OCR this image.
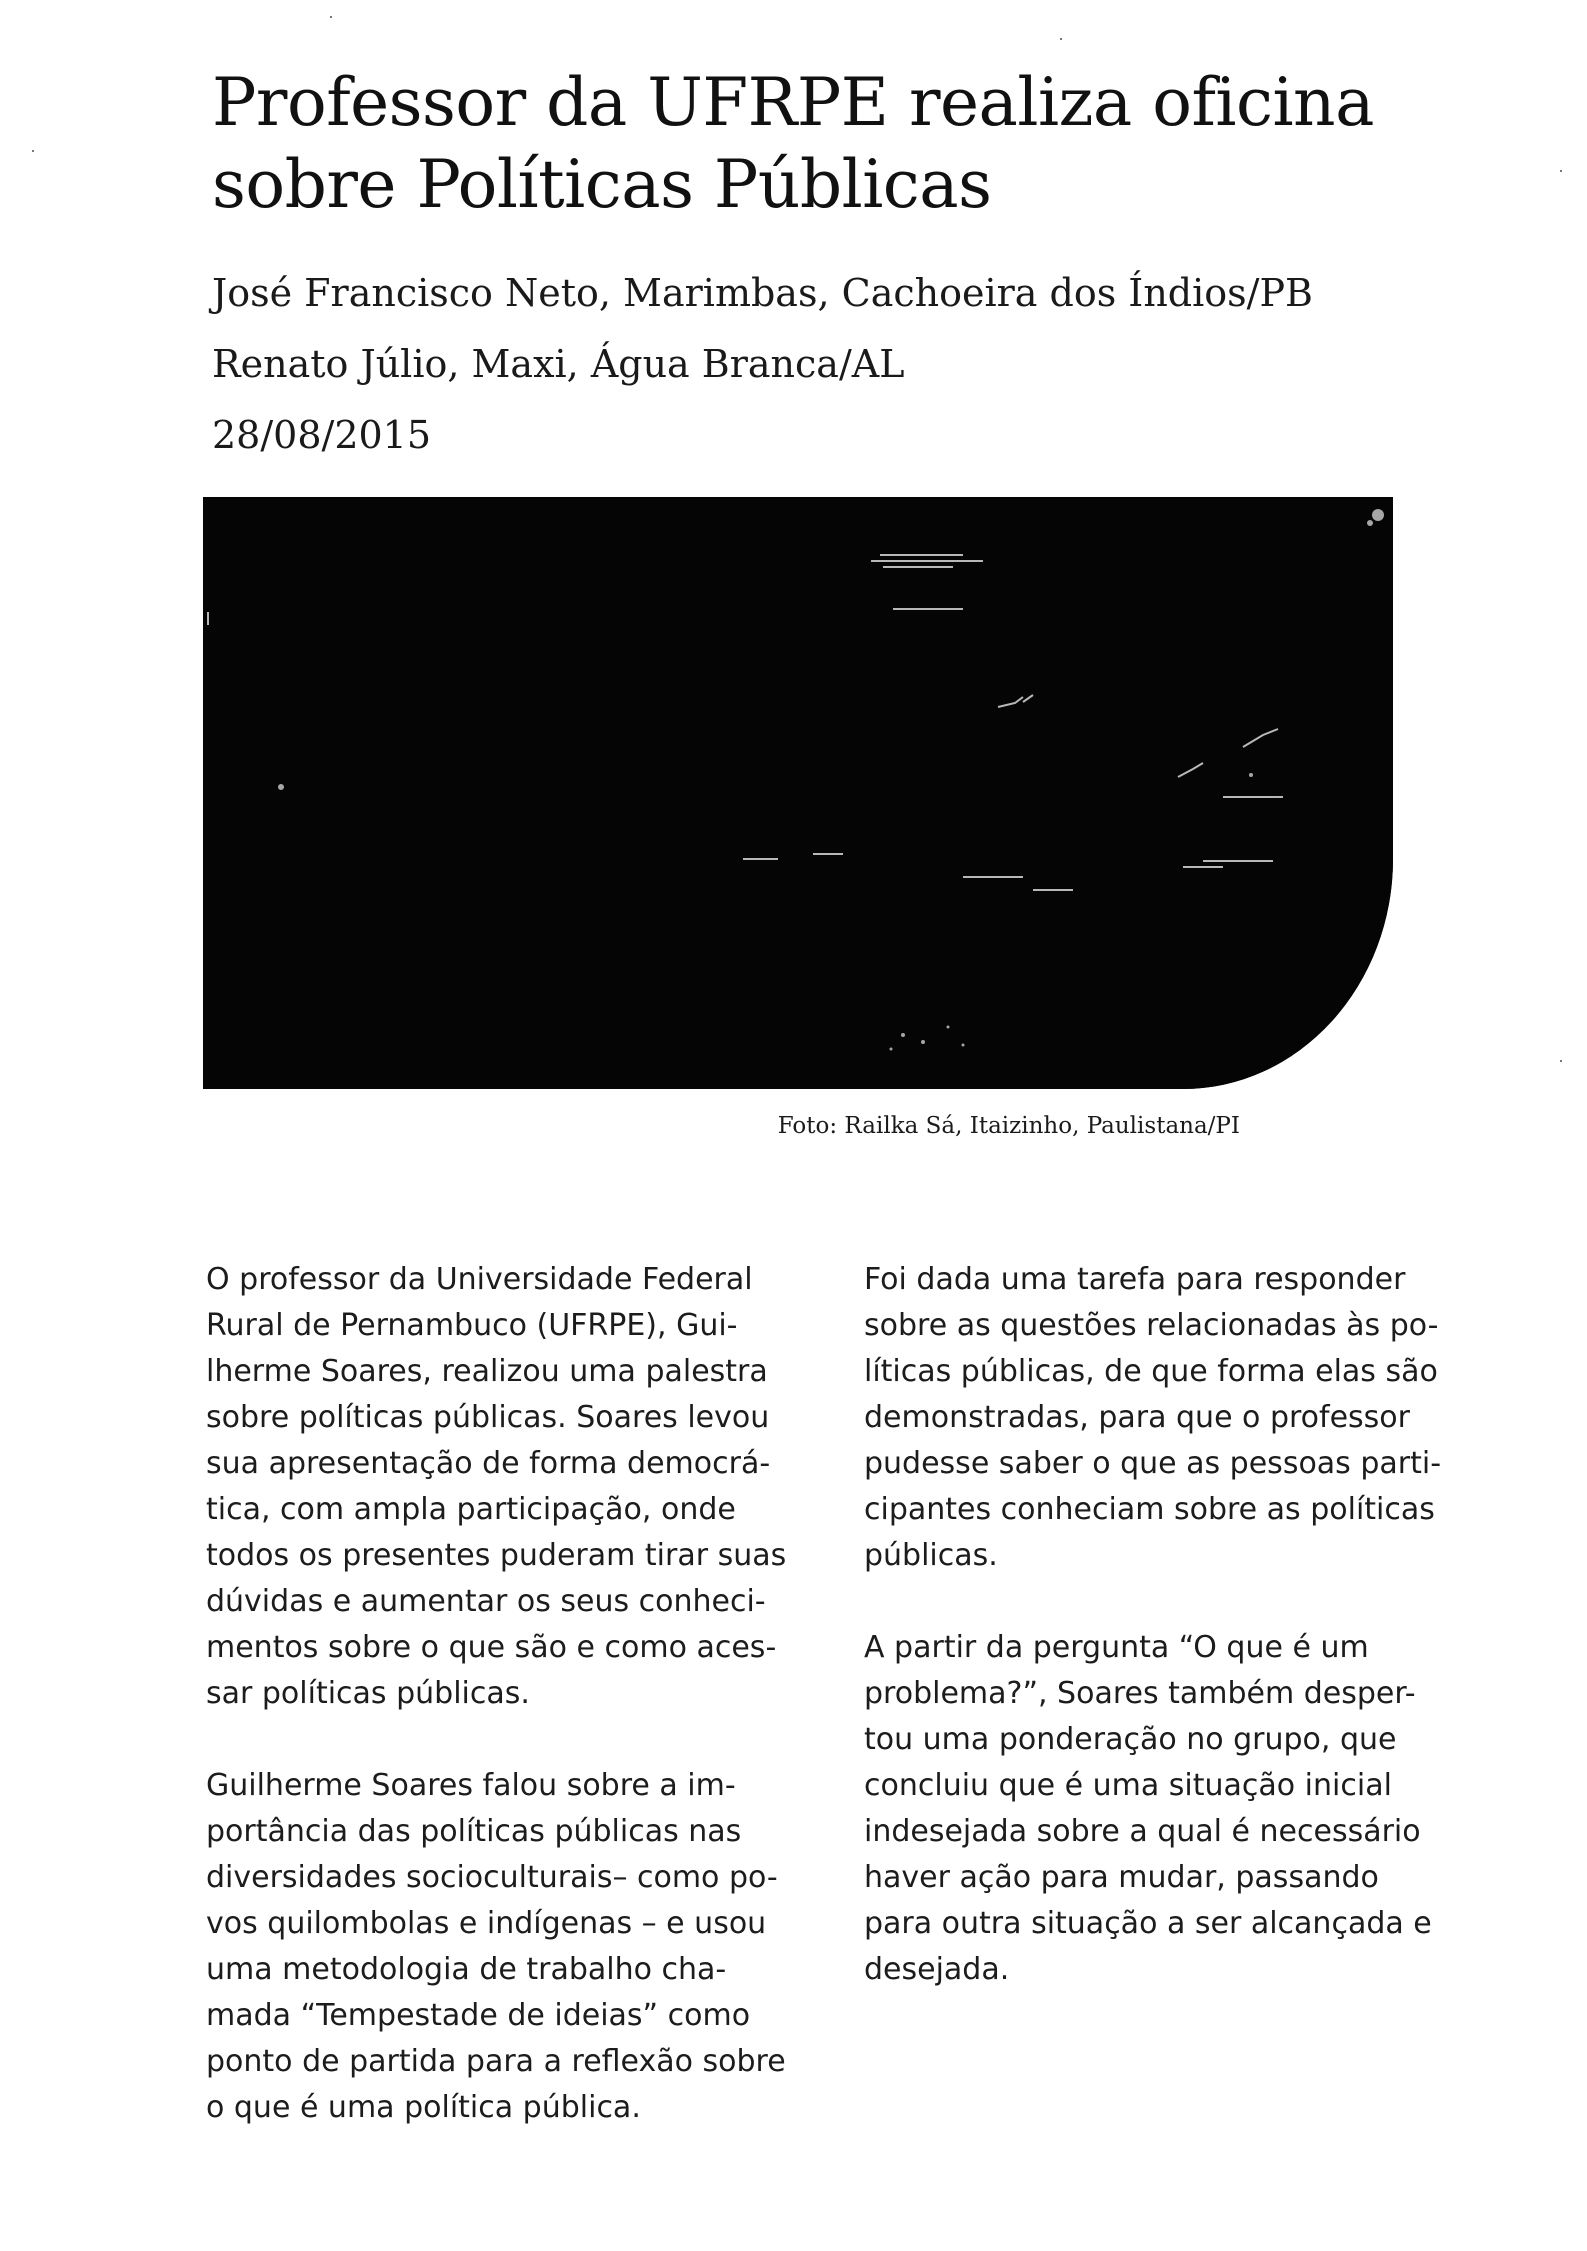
Professor da UFRPE realiza oficina
sobre Políticas Públicas
José Francisco Neto, Marimbas, Cachoeira dos Índios/PB
Renato Júlio, Maxi, Água Branca/AL
28/08/2015
Foto: Railka Sá, Itaizinho, Paulistana/PI

O professor da Universidade Federal
Rural de Pernambuco (UFRPE), Gui-
lherme Soares, realizou uma palestra
sobre políticas públicas. Soares levou
sua apresentação de forma democrá-
tica, com ampla participação, onde
todos os presentes puderam tirar suas
dúvidas e aumentar os seus conheci-
mentos sobre o que são e como aces-
sar políticas públicas.

Guilherme Soares falou sobre a im-
portância das políticas públicas nas
diversidades socioculturais– como po-
vos quilombolas e indígenas – e usou
uma metodologia de trabalho cha-
mada “Tempestade de ideias” como
ponto de partida para a reflexão sobre
o que é uma política pública.

Foi dada uma tarefa para responder
sobre as questões relacionadas às po-
líticas públicas, de que forma elas são
demonstradas, para que o professor
pudesse saber o que as pessoas parti-
cipantes conheciam sobre as políticas
públicas.

A partir da pergunta “O que é um
problema?”, Soares também desper-
tou uma ponderação no grupo, que
concluiu que é uma situação inicial
indesejada sobre a qual é necessário
haver ação para mudar, passando
para outra situação a ser alcançada e
desejada.
